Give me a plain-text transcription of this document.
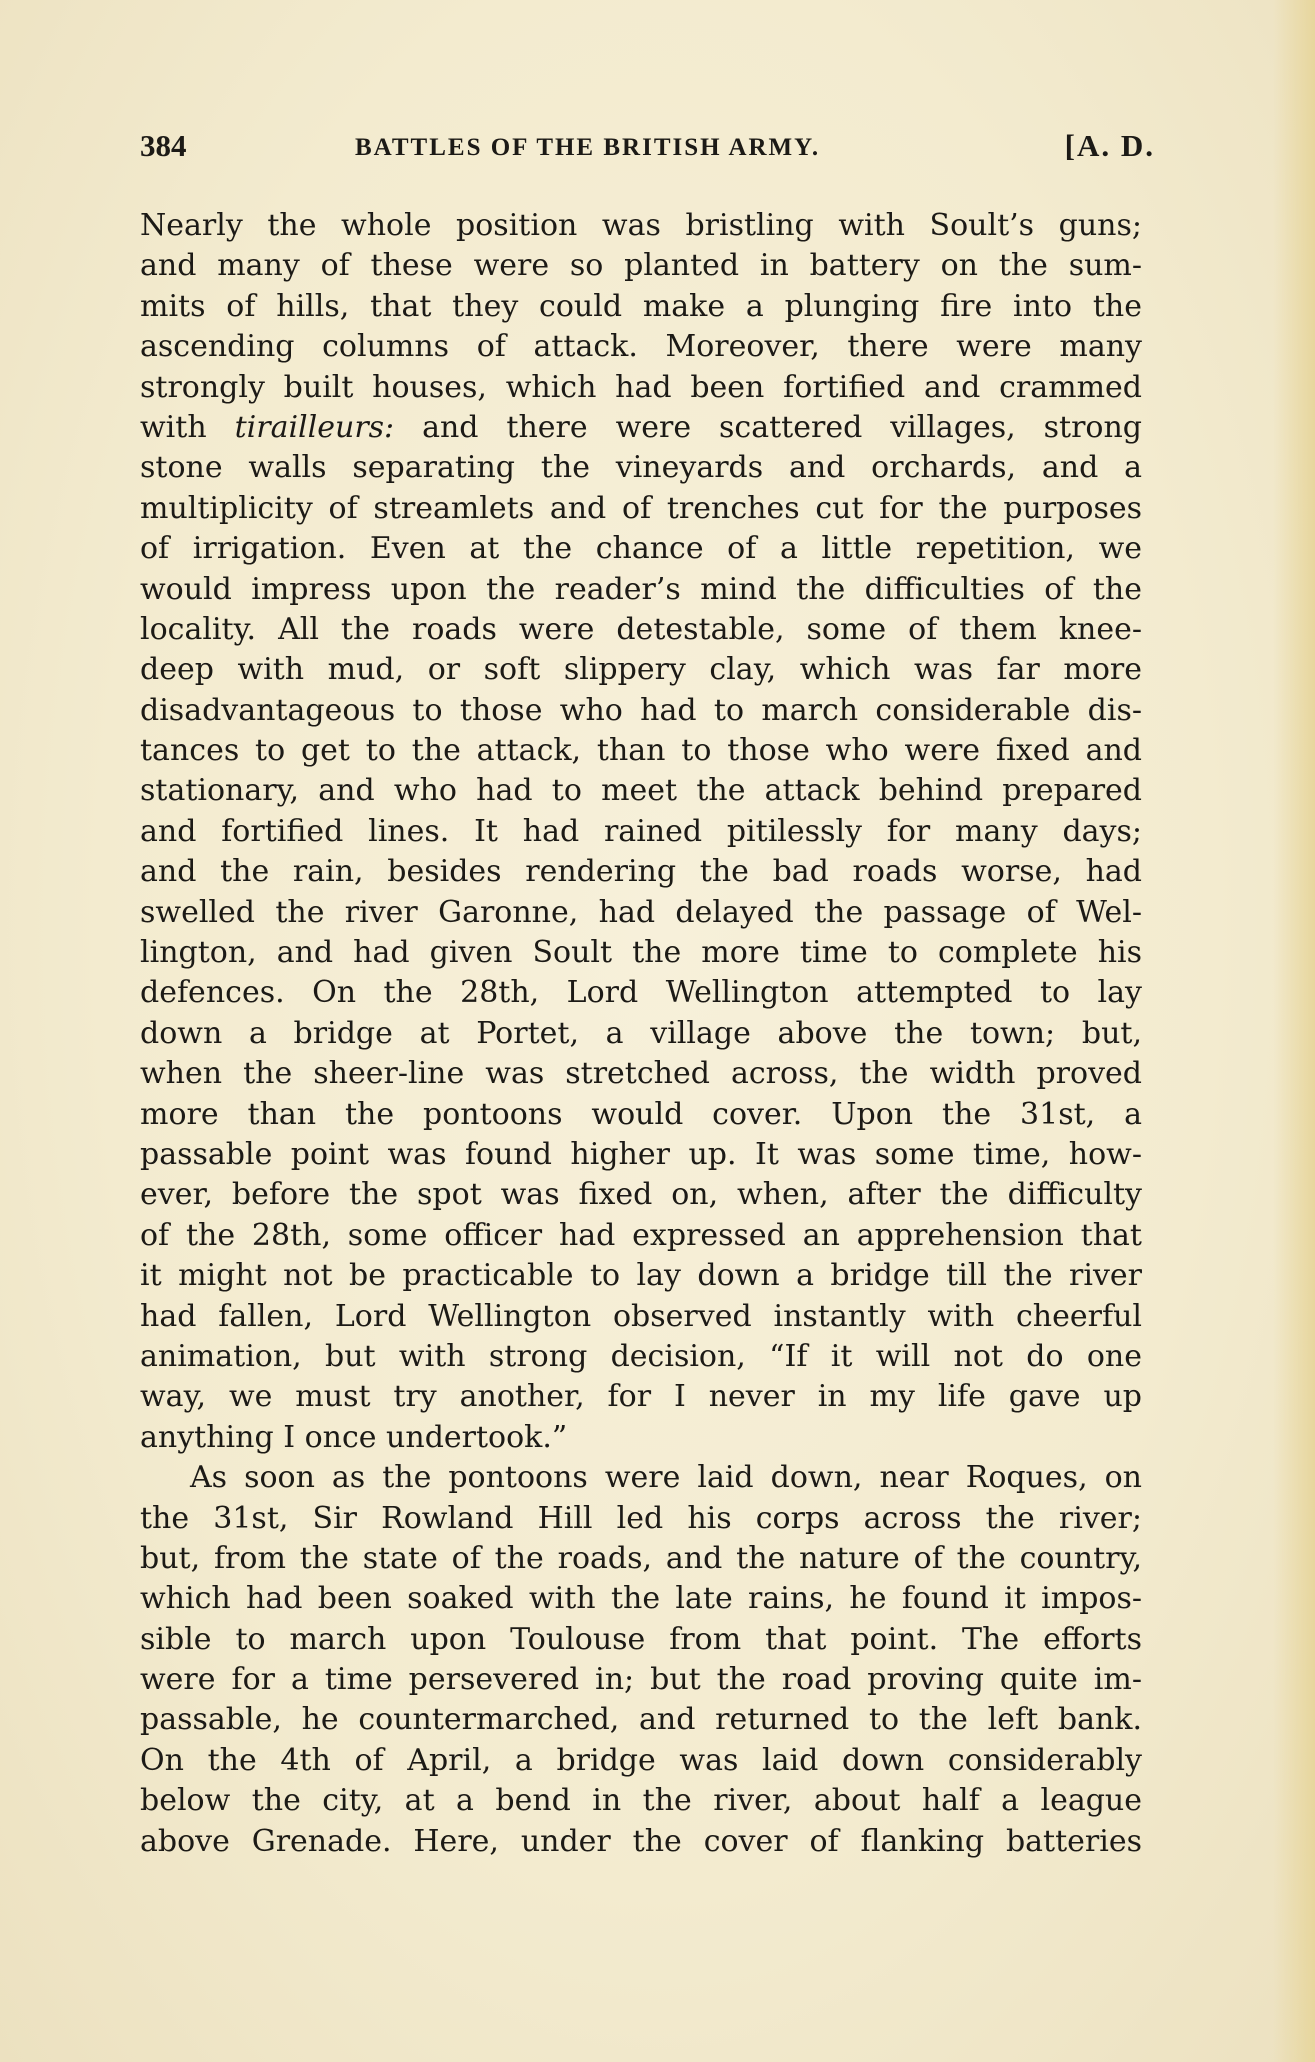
384	BATTLES OF THE BRITISH ARMY.	[A. D.
Nearly the whole position was bristling with Soult’s guns;
and many of these were so planted in battery on the sum-
mits of hills, that they could make a plunging fire into the
ascending columns of attack. Moreover, there were many
strongly built houses, which had been fortified and crammed
with tirailleurs: and there were scattered villages, strong
stone walls separating the vineyards and orchards, and a
multiplicity of streamlets and of trenches cut for the purposes
of irrigation. Even at the chance of a little repetition, we
would impress upon the reader’s mind the difficulties of the
locality. All the roads were detestable, some of them knee-
deep with mud, or soft slippery clay, which was far more
disadvantageous to those who had to march considerable dis-
tances to get to the attack, than to those who were fixed and
stationary, and who had to meet the attack behind prepared
and fortified lines. It had rained pitilessly for many days;
and the rain, besides rendering the bad roads worse, had
swelled the river Garonne, had delayed the passage of Wel-
lington, and had given Soult the more time to complete his
defences. On the 28th, Lord Wellington attempted to lay
down a bridge at Portet, a village above the town; but,
when the sheer-line was stretched across, the width proved
more than the pontoons would cover. Upon the 31st, a
passable point was found higher up. It was some time, how-
ever, before the spot was fixed on, when, after the difficulty
of the 28th, some officer had expressed an apprehension that
it might not be practicable to lay down a bridge till the river
had fallen, Lord Wellington observed instantly with cheerful
animation, but with strong decision, “If it will not do one
way, we must try another, for I never in my life gave up
anything I once undertook.”
As soon as the pontoons were laid down, near Roques, on
the 31st, Sir Rowland Hill led his corps across the river;
but, from the state of the roads, and the nature of the country,
which had been soaked with the late rains, he found it impos-
sible to march upon Toulouse from that point. The efforts
were for a time persevered in; but the road proving quite im-
passable, he countermarched, and returned to the left bank.
On the 4th of April, a bridge was laid down considerably
below the city, at a bend in the river, about half a league
above Grenade. Here, under the cover of flanking batteries
